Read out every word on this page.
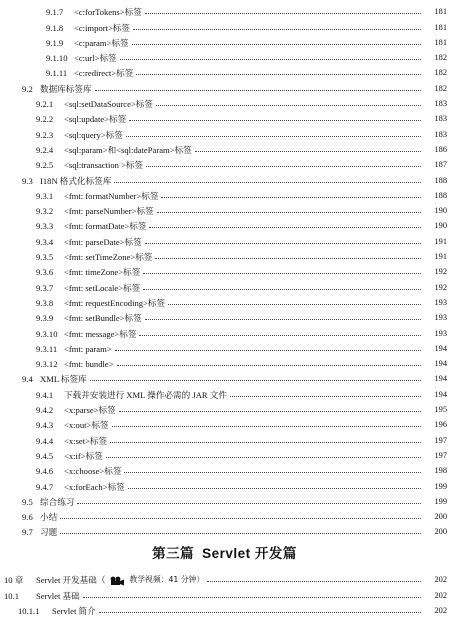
9.1.7	<c:forTokens>标签	181
9.1.8	<c:import>标签	181
9.1.9	<c:param>标签	181
9.1.10 <c:url>标签	182
9.1.11 <c:redirect>标签	182
9.2 数据库标签库	182
9.2.1	<sql:setDataSource>标签	183
9.2.2	<sql:update>标签	183
9.2.3	<sql:query>标签	183
9.2.4	<sql:param>和<sql:dateParam>标签	186
9.2.5	<sql:transaction >标签	187
9.3 I18N 格式化标签库	188
9.3.1	<fmt: formatNumber>标签	188
9.3.2	<fmt: parseNumber>标签	190
9.3.3	<fmt: formatDate>标签	190
9.3.4	<fmt: parseDate>标签	191
9.3.5	<fmt: setTimeZone>标签	191
9.3.6	<fmt: timeZone>标签	192
9.3.7	<fmt: setLocale>标签	192
9.3.8	<fmt: requestEncoding>标签	193
9.3.9	<fmt: setBundle>标签	193
9.3.10 <fmt: message>标签	193
9.3.11 <fmt: param>	194
9.3.12 <fmt: bundle>	194
9.4 XML 标签库	194
9.4.1	下载并安装进行 XML 操作必需的 JAR 文件	194
9.4.2	<x:parse>标签	195
9.4.3	<x:out>标签	196
9.4.4	<x:set>标签	197
9.4.5	<x:if>标签	197
9.4.6	<x:choose>标签	198
9.4.7	<x:forEach>标签	199
9.5 综合练习	199
9.6 小结	200
9.7 习题	200
第三篇 Servlet 开发篇
10 章	Servlet 开发基础（	教学视频：41 分钟）	202
10.1	Servlet 基础	202
10.1.1	Servlet 简介	202
